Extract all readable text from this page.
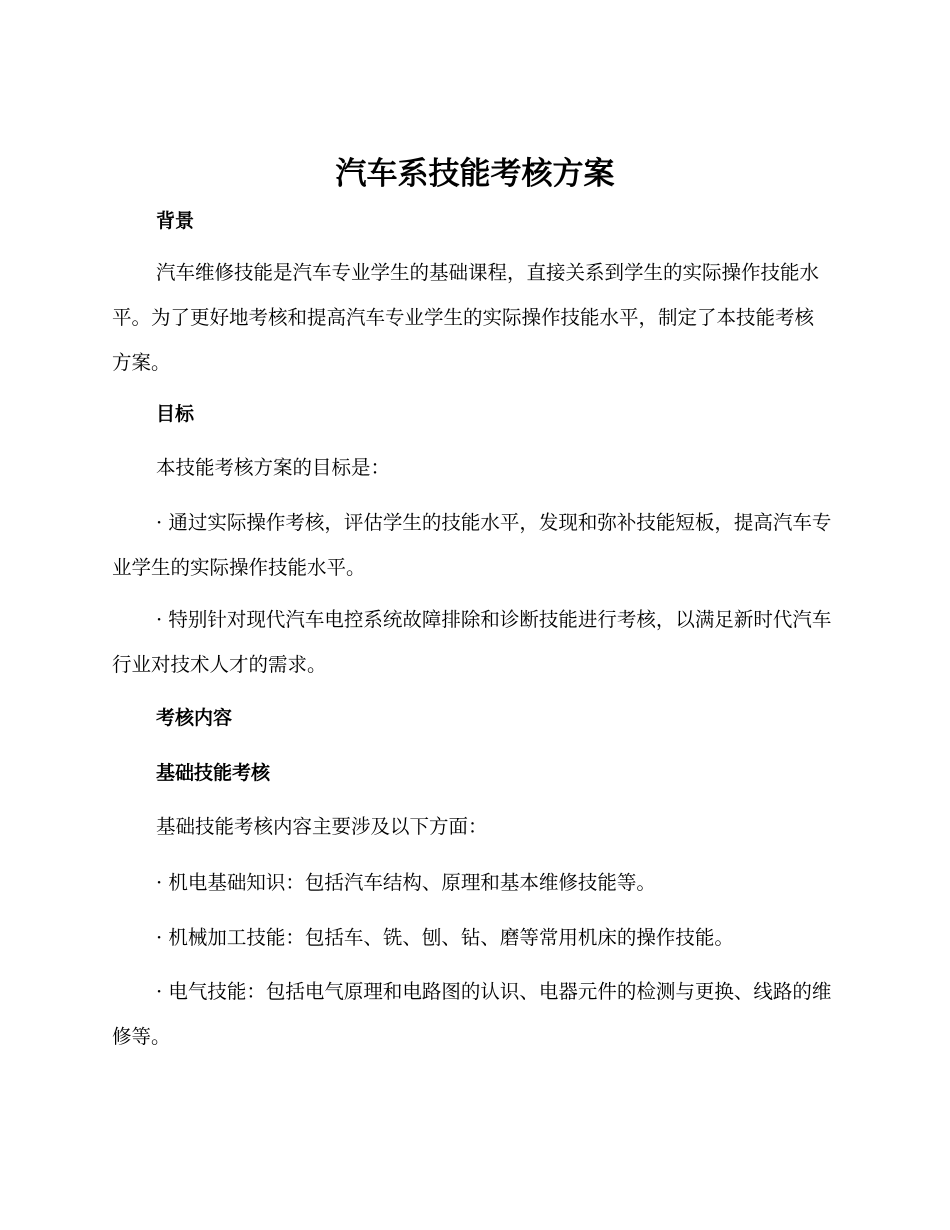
汽车系技能考核方案
背景

汽车维修技能是汽车专业学生的基础课程，直接关系到学生的实际操作技能水平。为了更好地考核和提高汽车专业学生的实际操作技能水平，制定了本技能考核方案。

目标
本技能考核方案的目标是：

· 通过实际操作考核，评估学生的技能水平，发现和弥补技能短板，提高汽车专业学生的实际操作技能水平。

· 特别针对现代汽车电控系统故障排除和诊断技能进行考核，以满足新时代汽车行业对技术人才的需求。

考核内容
基础技能考核
基础技能考核内容主要涉及以下方面：
· 机电基础知识：包括汽车结构、原理和基本维修技能等。
· 机械加工技能：包括车、铣、刨、钻、磨等常用机床的操作技能。

· 电气技能：包括电气原理和电路图的认识、电器元件的检测与更换、线路的维修等。
